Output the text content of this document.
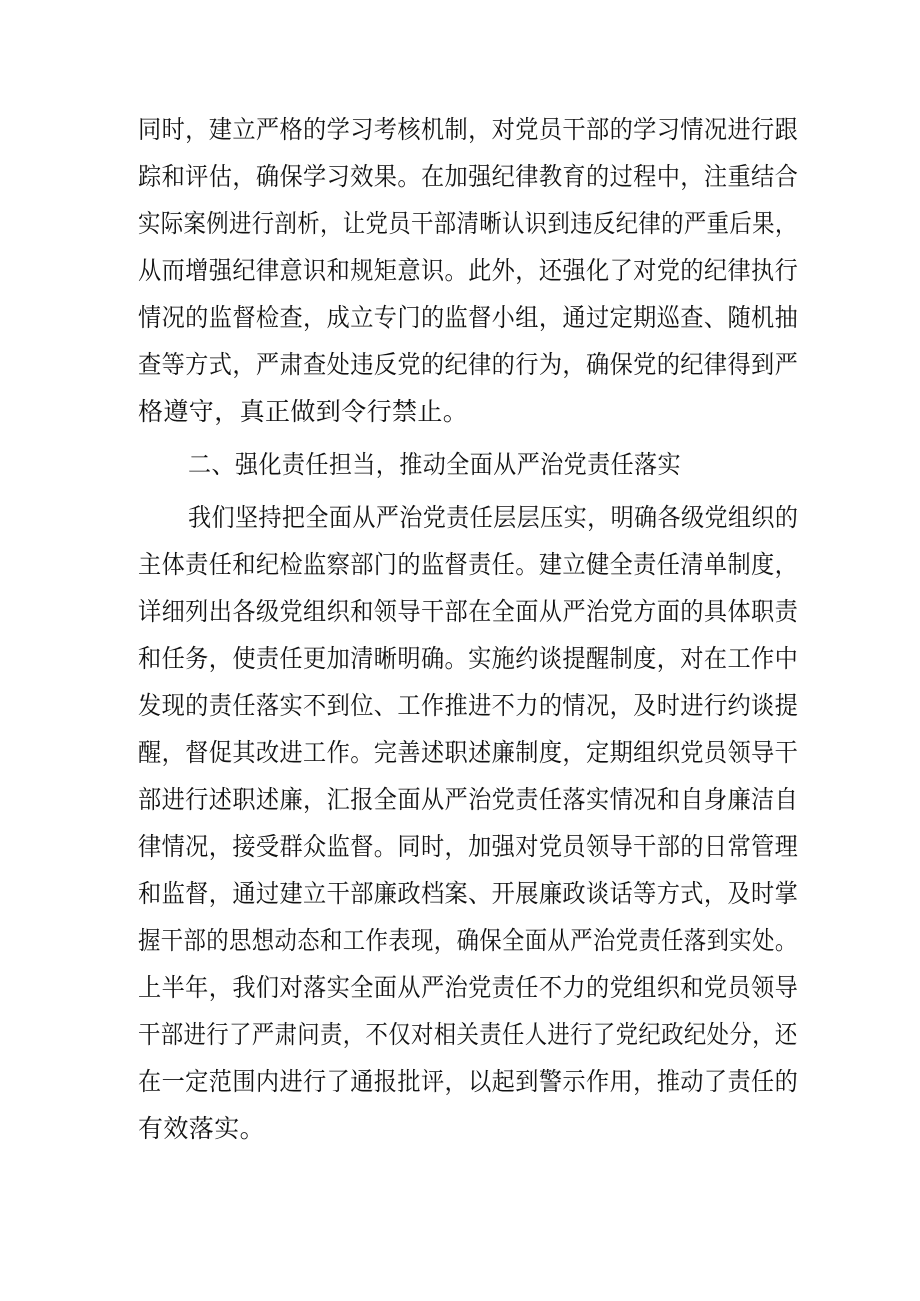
同时，建立严格的学习考核机制，对党员干部的学习情况进行跟
踪和评估，确保学习效果。在加强纪律教育的过程中，注重结合
实际案例进行剖析，让党员干部清晰认识到违反纪律的严重后果，
从而增强纪律意识和规矩意识。此外，还强化了对党的纪律执行
情况的监督检查，成立专门的监督小组，通过定期巡查、随机抽
查等方式，严肃查处违反党的纪律的行为，确保党的纪律得到严
格遵守，真正做到令行禁止。
二、强化责任担当，推动全面从严治党责任落实
我们坚持把全面从严治党责任层层压实，明确各级党组织的
主体责任和纪检监察部门的监督责任。建立健全责任清单制度，
详细列出各级党组织和领导干部在全面从严治党方面的具体职责
和任务，使责任更加清晰明确。实施约谈提醒制度，对在工作中
发现的责任落实不到位、工作推进不力的情况，及时进行约谈提
醒，督促其改进工作。完善述职述廉制度，定期组织党员领导干
部进行述职述廉，汇报全面从严治党责任落实情况和自身廉洁自
律情况，接受群众监督。同时，加强对党员领导干部的日常管理
和监督，通过建立干部廉政档案、开展廉政谈话等方式，及时掌
握干部的思想动态和工作表现，确保全面从严治党责任落到实处。
上半年，我们对落实全面从严治党责任不力的党组织和党员领导
干部进行了严肃问责，不仅对相关责任人进行了党纪政纪处分，还
在一定范围内进行了通报批评，以起到警示作用，推动了责任的
有效落实。
